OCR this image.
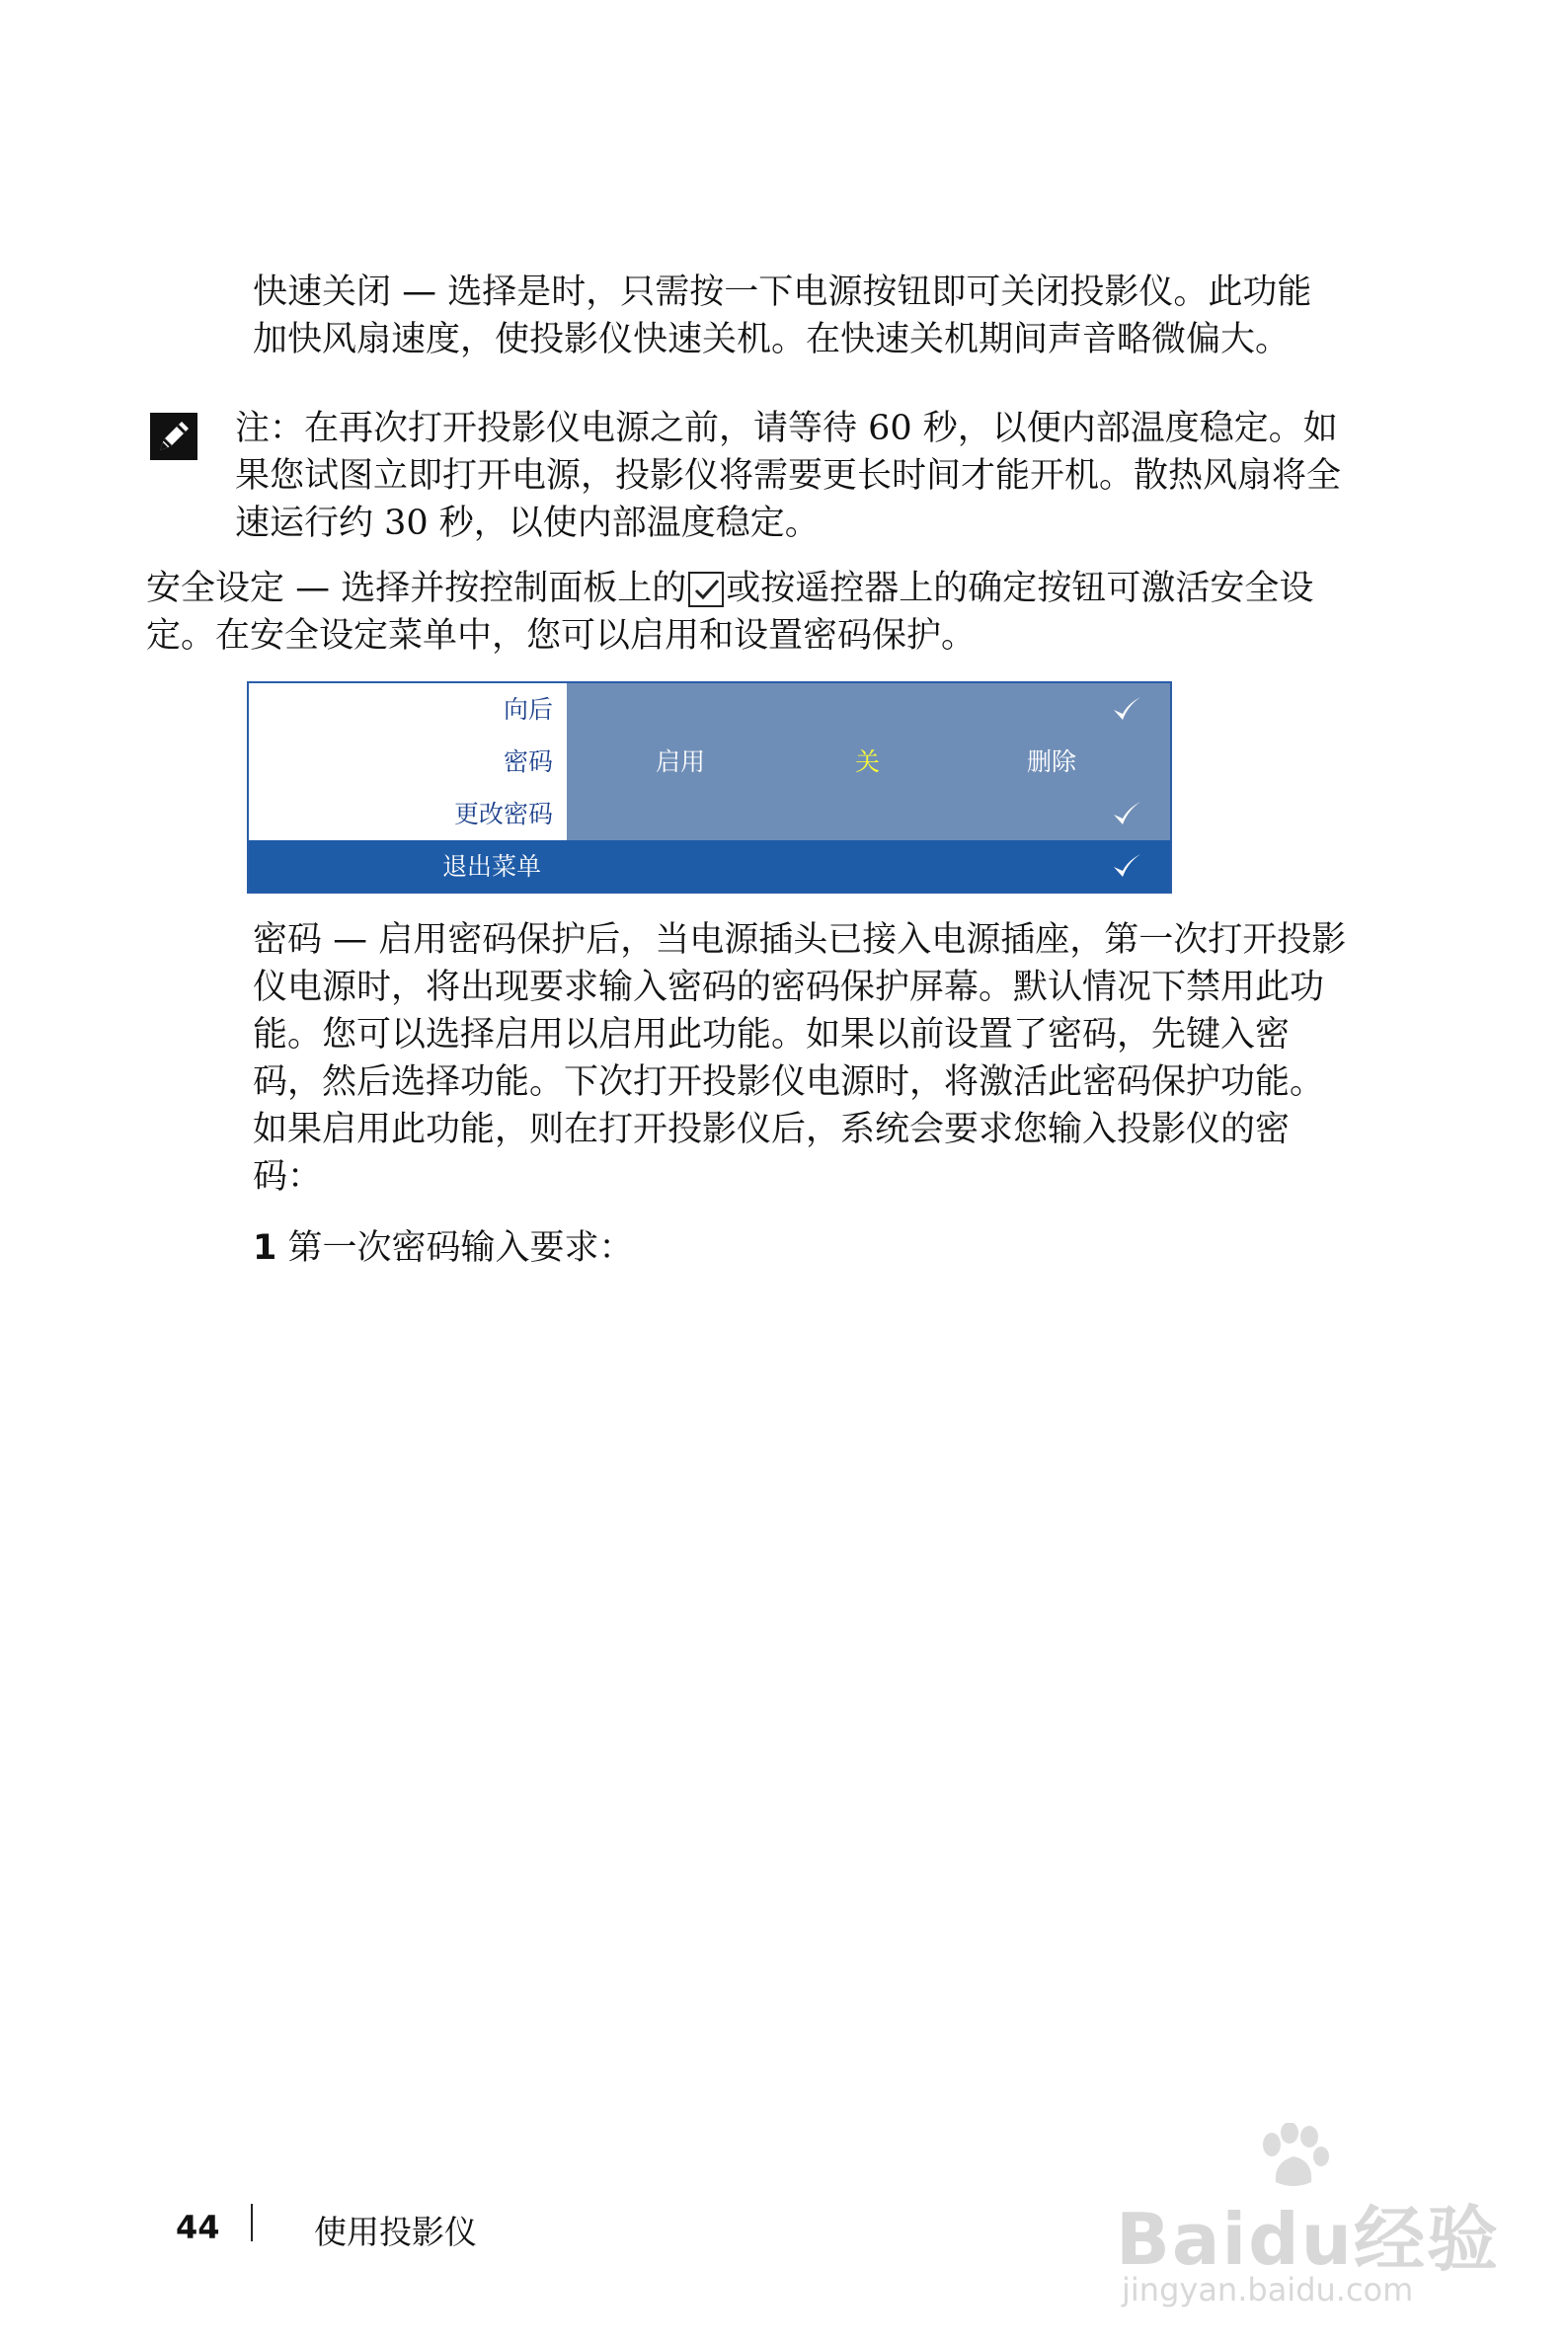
快速关闭 — 选择是时，只需按一下电源按钮即可关闭投影仪。此功能加快风扇速度，使投影仪快速关机。在快速关机期间声音略微偏大。

注：在再次打开投影仪电源之前，请等待 60 秒，以便内部温度稳定。如果您试图立即打开电源，投影仪将需要更长时间才能开机。散热风扇将全速运行约 30 秒，以使内部温度稳定。

安全设定 — 选择并按控制面板上的 或按遥控器上的确定按钮可激活安全设定。在安全设定菜单中，您可以启用和设置密码保护。

向后
密码	启用	关	删除
更改密码
退出菜单

密码 — 启用密码保护后，当电源插头已接入电源插座，第一次打开投影仪电源时，将出现要求输入密码的密码保护屏幕。默认情况下禁用此功能。您可以选择启用以启用此功能。如果以前设置了密码，先键入密码，然后选择功能。下次打开投影仪电源时，将激活此密码保护功能。如果启用此功能，则在打开投影仪后，系统会要求您输入投影仪的密码：

1 第一次密码输入要求：

44	使用投影仪	Baidu经验
jingyan.baidu.com
